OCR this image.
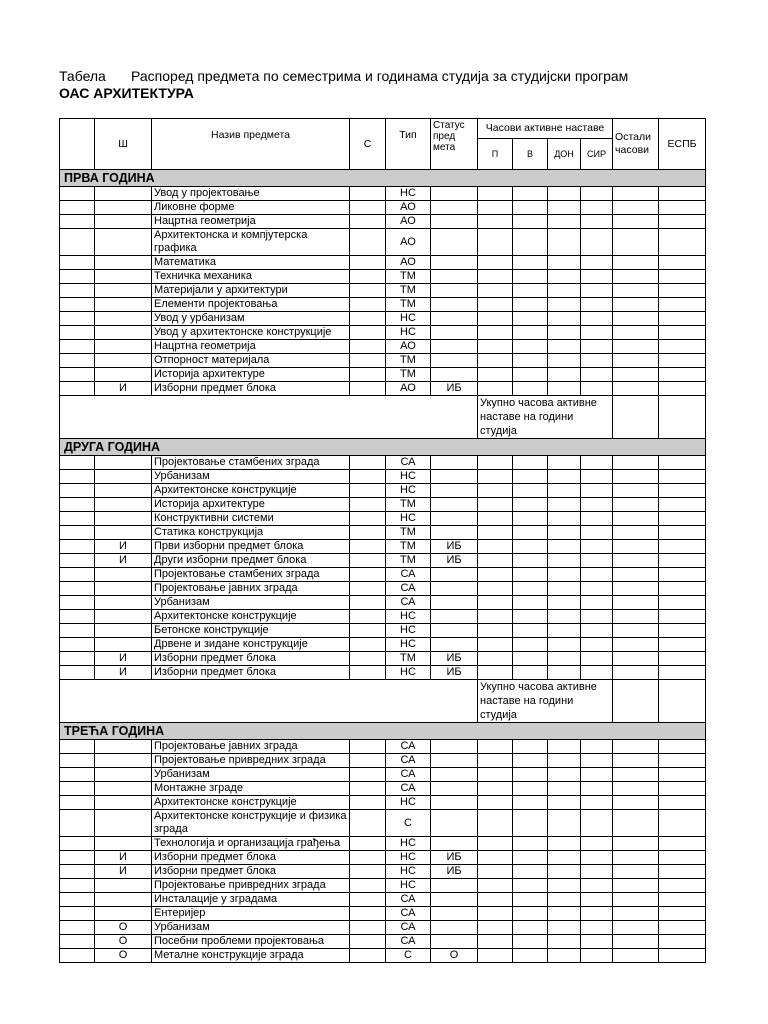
Табела Распоред предмета по семестрима и годинама студија за студијски програм
ОАС АРХИТЕКТУРА
	Ш	Назив предмета	С	Тип	Статус пред мета	Часови активне наставе				Остали часови	ЕСПБ
						П	В	ДОН	СИР		
ПРВА ГОДИНА											
		Увод у пројектовање		НС							
		Ликовне форме		АО							
		Нацртна геометрија		АО							
		Архитектонска и компјутерска графика		АО							
		Математика		АО							
		Техничка механика		ТМ							
		Материјали у архитектури		ТМ							
		Елементи пројектовања		ТМ							
		Увод у урбанизам		НС							
		Увод у архитектонске конструкције		НС							
		Нацртна геометрија		АО							
		Отпорност материјала		ТМ							
		Историја архитектуре		ТМ							
	И	Изборни предмет блока		АО	ИБ						
						Укупно часова активне наставе на години студија					
ДРУГА ГОДИНА											
		Пројектовање стамбених зграда		СА							
		Урбанизам		НС							
		Архитектонске конструкције		НС							
		Историја архитектуре		ТМ							
		Конструктивни системи		НС							
		Статика конструкција		ТМ							
	И	Први изборни предмет блока		ТМ	ИБ						
	И	Други изборни предмет блока		ТМ	ИБ						
		Пројектовање стамбених зграда		СА							
		Пројектовање јавних зграда		СА							
		Урбанизам		СА							
		Архитектонске конструкције		НС							
		Бетонске конструкције		НС							
		Дрвене и зидане конструкције		НС							
	И	Изборни предмет блока		ТМ	ИБ						
	И	Изборни предмет блока		НС	ИБ						
						Укупно часова активне наставе на години студија					
ТРЕЋА ГОДИНА											
		Пројектовање јавних зграда		СА							
		Пројектовање привредних зграда		СА							
		Урбанизам		СА							
		Монтажне зграде		СА							
		Архитектонске конструкције		НС							
		Архитектонске конструкције и физика зграда		С							
		Технологија и организација грађења		НС							
	И	Изборни предмет блока		НС	ИБ						
	И	Изборни предмет блока		НС	ИБ						
		Пројектовање привредних зграда		НС							
		Инсталације у зградама		СА							
		Ентеријер		СА							
	О	Урбанизам		СА							
	О	Посебни проблеми пројектовања		СА							
	О	Металне конструкције зграда		С	О						
